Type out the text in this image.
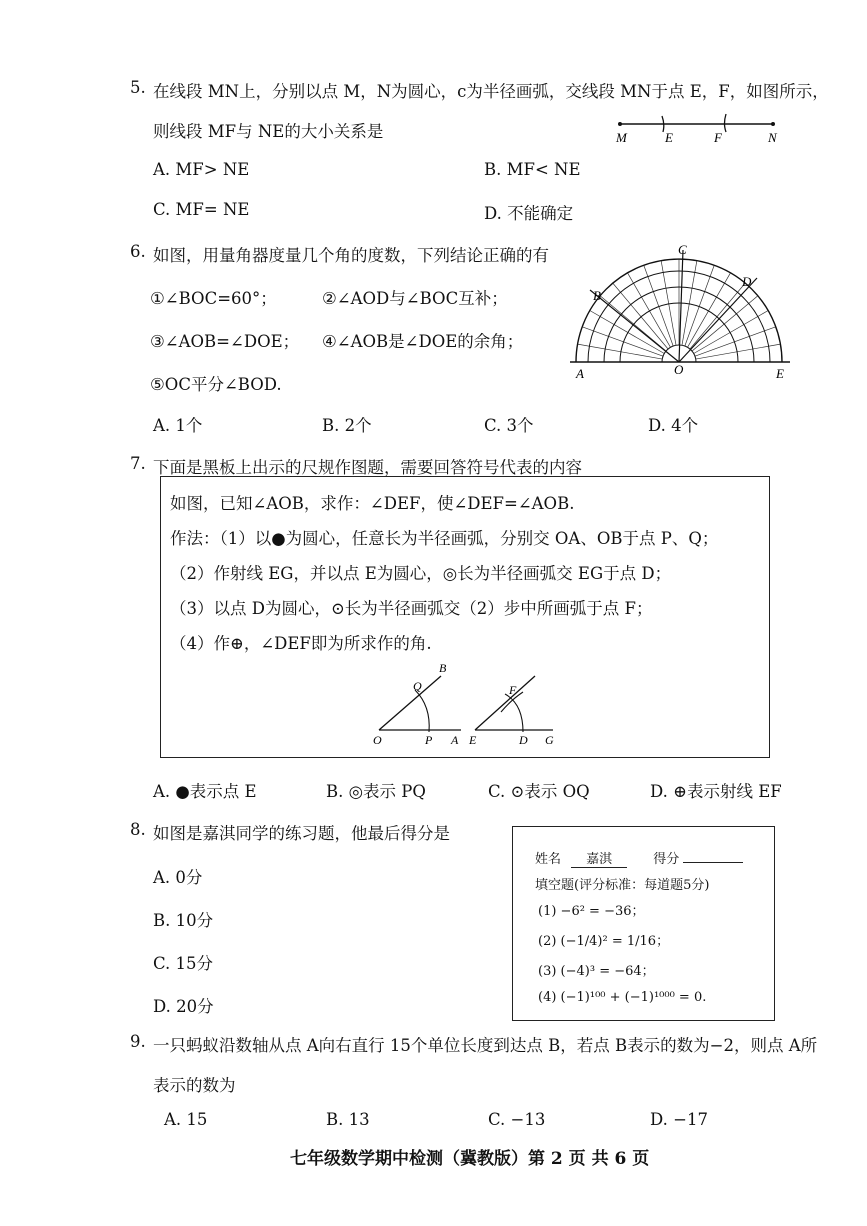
5. 在线段 MN上，分别以点 M，N为圆心，c为半径画弧，交线段 MN于点 E，F，如图所示，
则线段 MF与 NE的大小关系是	M	E	F	N
A. MF> NE	B. MF< NE
C. MF= NE	D. 不能确定
6. 如图，用量角器度量几个角的度数，下列结论正确的有
①∠BOC=60°；	②∠AOD与∠BOC互补；
③∠AOB=∠DOE； ④∠AOB是∠DOE的余角；
⑤OC平分∠BOD.
C
D
B
A	O	E
A. 1个	B. 2个	C. 3个	D. 4个
7. 下面是黑板上出示的尺规作图题，需要回答符号代表的内容
如图，已知∠AOB，求作：∠DEF，使∠DEF=∠AOB.
作法：（1）以●为圆心，任意长为半径画弧，分别交 OA、OB于点 P、Q；
（2）作射线 EG，并以点 E为圆心，◎长为半径画弧交 EG于点 D；
（3）以点 D为圆心，⊙长为半径画弧交（2）步中所画弧于点 F；
（4）作⊕，∠DEF即为所求作的角.
B
Q
O	P A
F
E	D G
A. ●表示点 E	B. ◎表示 PQ	C. ⊙表示 OQ	D. ⊕表示射线 EF
8. 如图是嘉淇同学的练习题，他最后得分是
A. 0分
B. 10分
C. 15分
D. 20分
姓名 嘉淇	得分
填空题(评分标准：每道题5分)
(1) −6² = −36；
(2) (−1/4)² = 1/16；
(3) (−4)³ = −64；
(4) (−1)¹⁰⁰ + (−1)¹⁰⁰⁰ = 0.
9. 一只蚂蚁沿数轴从点 A向右直行 15个单位长度到达点 B，若点 B表示的数为−2，则点 A所
表示的数为
A. 15	B. 13	C. −13	D. −17
七年级数学期中检测（冀教版）第 2 页 共 6 页
